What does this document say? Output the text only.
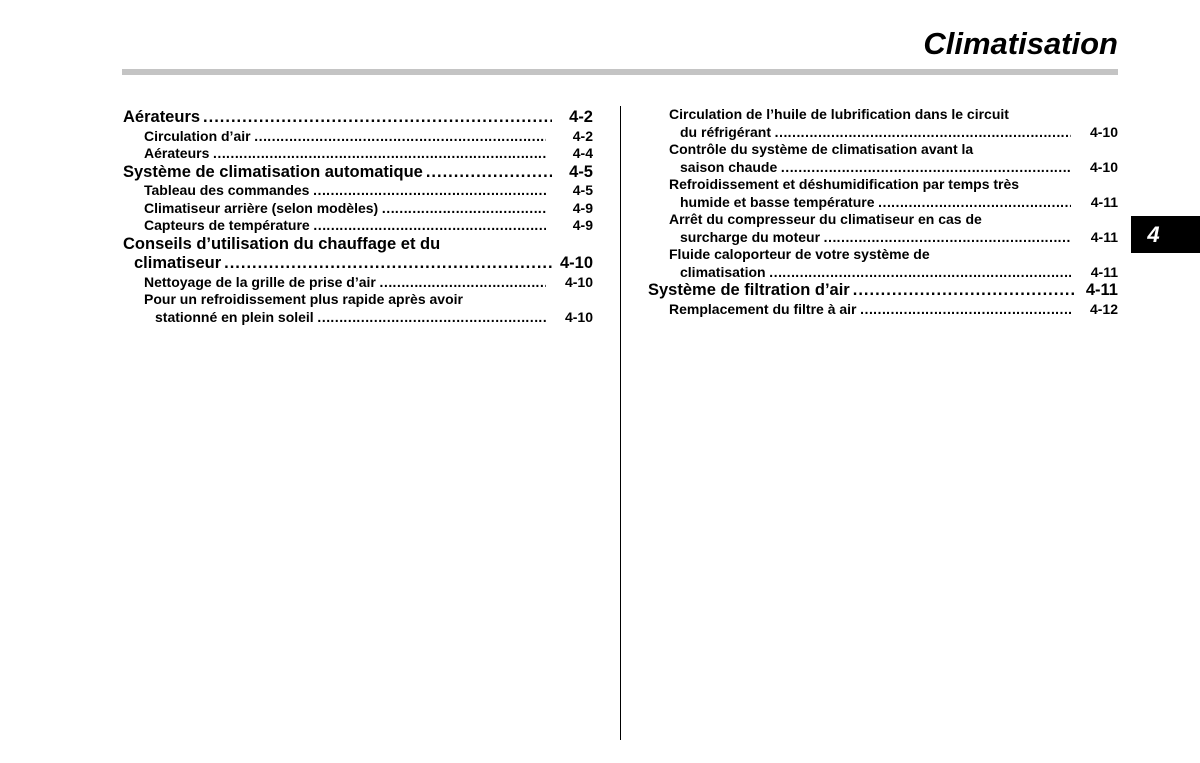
Climatisation
4
Aérateurs .....	4-2
Circulation d’air …………………………………………………………………………………………………………………………………………………………………………………………………………………………	4-2
Aérateurs …………………………………………………………………………………………………………………………………………………………………………………………………………………………	4-4
Système de climatisation automatique .....	4-5
Tableau des commandes …………………………………………………………………………………………………………………………………………………………………………………………………………………………	4-5
Climatiseur arrière (selon modèles) …………………………………………………………………………………………………………………………………………………………………………………………………………………………	4-9
Capteurs de température …………………………………………………………………………………………………………………………………………………………………………………………………………………………	4-9
Conseils d’utilisation du chauffage et du
climatiseur .....	4-10
Nettoyage de la grille de prise d’air …………………………………………………………………………………………………………………………………………………………………………………………………………………………	4-10
Pour un refroidissement plus rapide après avoir
stationné en plein soleil …………………………………………………………………………………………………………………………………………………………………………………………………………………………	4-10
Circulation de l’huile de lubrification dans le circuit
du réfrigérant …………………………………………………………………………………………………………………………………………………………………………………………………………………………	4-10
Contrôle du système de climatisation avant la
saison chaude …………………………………………………………………………………………………………………………………………………………………………………………………………………………	4-10
Refroidissement et déshumidification par temps très
humide et basse température …………………………………………………………………………………………………………………………………………………………………………………………………………………………	4-11
Arrêt du compresseur du climatiseur en cas de
surcharge du moteur …………………………………………………………………………………………………………………………………………………………………………………………………………………………	4-11
Fluide caloporteur de votre système de
climatisation …………………………………………………………………………………………………………………………………………………………………………………………………………………………	4-11
Système de filtration d’air .....	4-11
Remplacement du filtre à air …………………………………………………………………………………………………………………………………………………………………………………………………………………………	4-12
